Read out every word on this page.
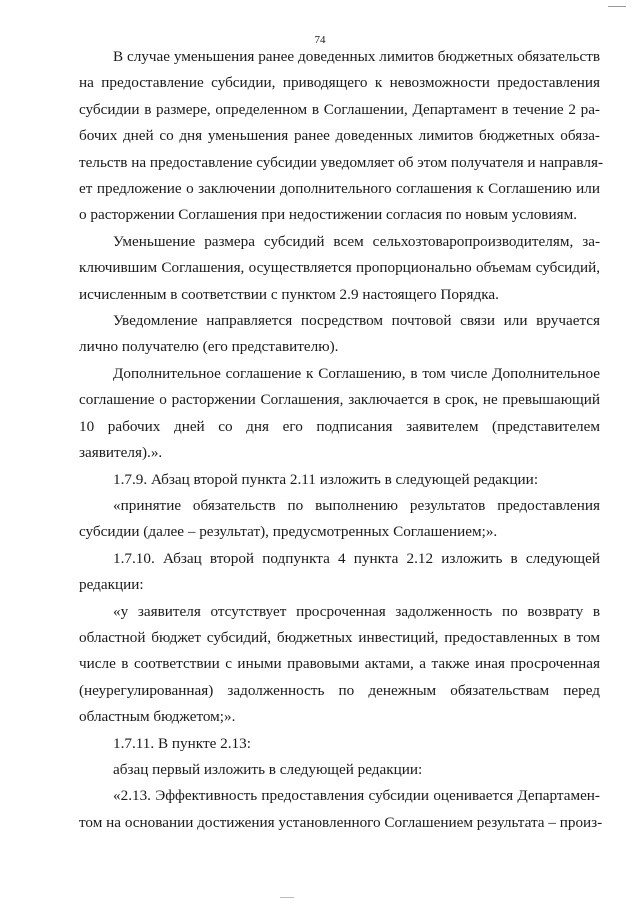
74
В случае уменьшения ранее доведенных лимитов бюджетных обязательств
на предоставление субсидии, приводящего к невозможности предоставления
субсидии в размере, определенном в Соглашении, Департамент в течение 2 ра-
бочих дней со дня уменьшения ранее доведенных лимитов бюджетных обяза-
тельств на предоставление субсидии уведомляет об этом получателя и направля-
ет предложение о заключении дополнительного соглашения к Соглашению или
о расторжении Соглашения при недостижении согласия по новым условиям.
Уменьшение размера субсидий всем сельхозтоваропроизводителям, за-
ключившим Соглашения, осуществляется пропорционально объемам субсидий,
исчисленным в соответствии с пунктом 2.9 настоящего Порядка.
Уведомление направляется посредством почтовой связи или вручается
лично получателю (его представителю).
Дополнительное соглашение к Соглашению, в том числе Дополнительное
соглашение о расторжении Соглашения, заключается в срок, не превышающий
10 рабочих дней со дня его подписания заявителем (представителем
заявителя).».
1.7.9. Абзац второй пункта 2.11 изложить в следующей редакции:
«принятие обязательств по выполнению результатов предоставления
субсидии (далее – результат), предусмотренных Соглашением;».
1.7.10. Абзац второй подпункта 4 пункта 2.12 изложить в следующей
редакции:
«у заявителя отсутствует просроченная задолженность по возврату в
областной бюджет субсидий, бюджетных инвестиций, предоставленных в том
числе в соответствии с иными правовыми актами, а также иная просроченная
(неурегулированная) задолженность по денежным обязательствам перед
областным бюджетом;».
1.7.11. В пункте 2.13:
абзац первый изложить в следующей редакции:
«2.13. Эффективность предоставления субсидии оценивается Департамен-
том на основании достижения установленного Соглашением результата – произ-
